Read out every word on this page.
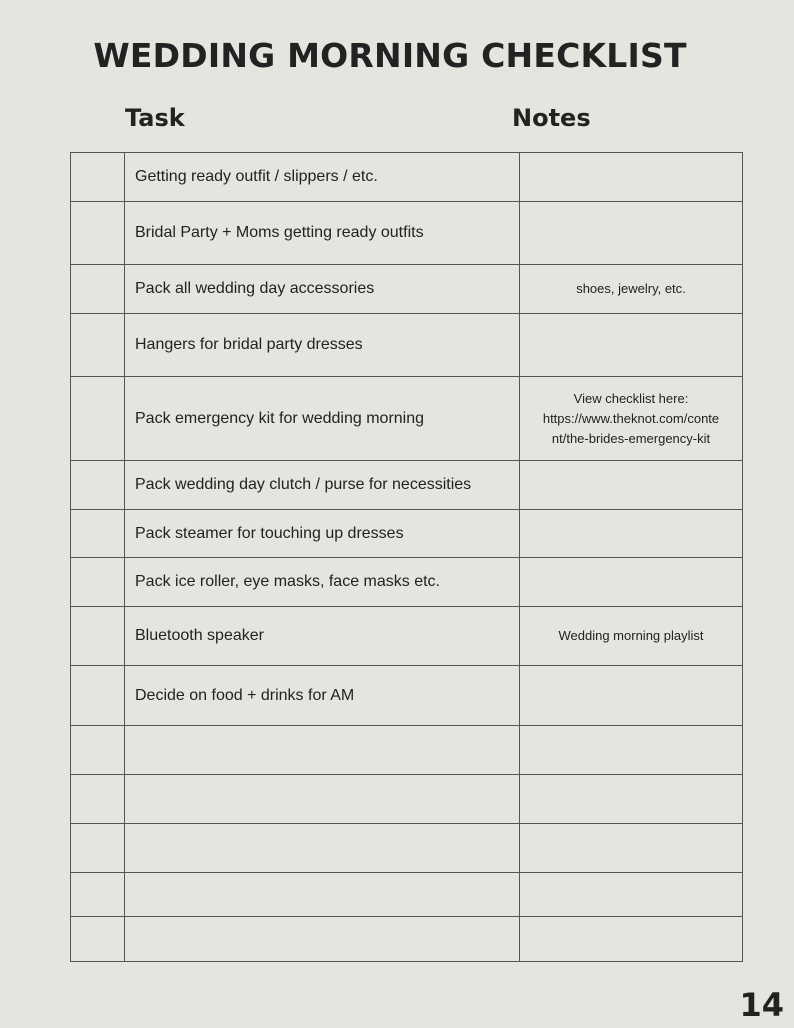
WEDDING MORNING CHECKLIST
Task	Notes
	Getting ready outfit / slippers / etc.	
	Bridal Party + Moms getting ready outfits	
	Pack all wedding day accessories	shoes, jewelry, etc.

	Hangers for bridal party dresses	
	Pack emergency kit for wedding morning	View checklist here:
https://www.theknot.com/conte
nt/the-brides-emergency-kit

	Pack wedding day clutch / purse for necessities	
	Pack steamer for touching up dresses	
	Pack ice roller, eye masks, face masks etc.	
	Bluetooth speaker	Wedding morning playlist

	Decide on food + drinks for AM	

14
